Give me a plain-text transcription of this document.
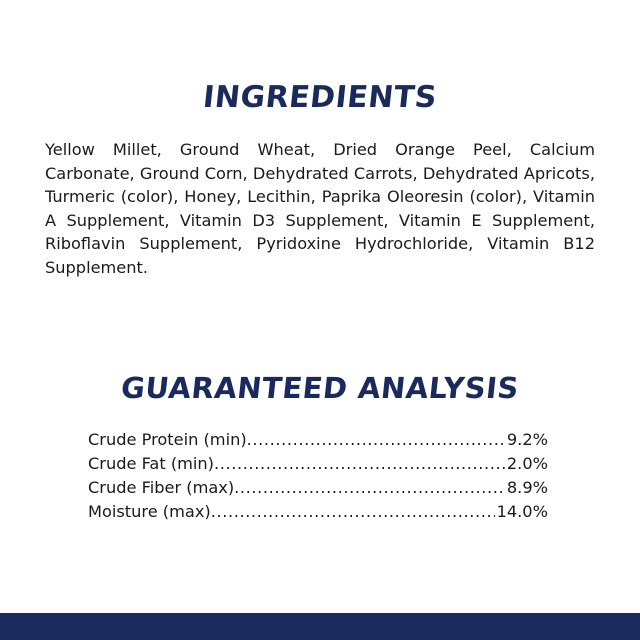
INGREDIENTS
Yellow Millet, Ground Wheat, Dried Orange Peel, Calcium Carbonate, Ground Corn, Dehydrated Carrots, Dehydrated Apricots, Turmeric (color), Honey, Lecithin, Paprika Oleoresin (color), Vitamin A Supplement, Vitamin D3 Supplement, Vitamin E Supplement, Riboflavin Supplement, Pyridoxine Hydrochloride, Vitamin B12 Supplement.
GUARANTEED ANALYSIS
Crude Protein (min) .....	9.2%
Crude Fat (min) .....	2.0%
Crude Fiber (max) .....	8.9%
Moisture (max) .....	14.0%
